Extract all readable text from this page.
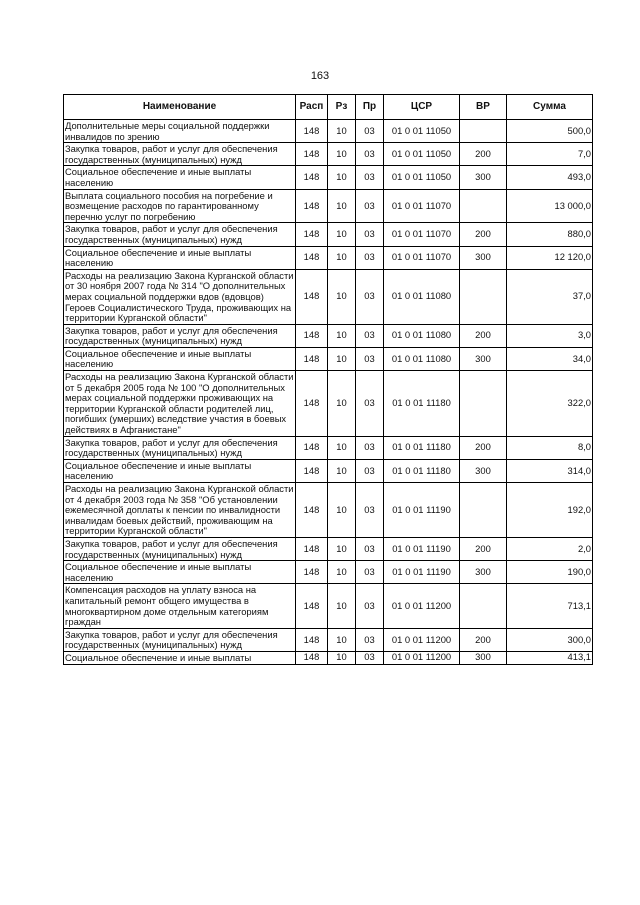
163
Наименование	Расп	Рз	Пр	ЦСР	ВР	Сумма
Дополнительные меры социальной поддержки инвалидов по зрению	148	10	03	01 0 01 11050		500,0
Закупка товаров, работ и услуг для обеспечения государственных (муниципальных) нужд	148	10	03	01 0 01 11050	200	7,0
Социальное обеспечение и иные выплаты населению	148	10	03	01 0 01 11050	300	493,0
Выплата социального пособия на погребение и возмещение расходов по гарантированному перечню услуг по погребению	148	10	03	01 0 01 11070		13 000,0
Закупка товаров, работ и услуг для обеспечения государственных (муниципальных) нужд	148	10	03	01 0 01 11070	200	880,0
Социальное обеспечение и иные выплаты населению	148	10	03	01 0 01 11070	300	12 120,0
Расходы на реализацию Закона Курганской области от 30 ноября 2007 года № 314 "О дополнительных мерах социальной поддержки вдов (вдовцов) Героев Социалистического Труда, проживающих на территории Курганской области"	148	10	03	01 0 01 11080		37,0
Закупка товаров, работ и услуг для обеспечения государственных (муниципальных) нужд	148	10	03	01 0 01 11080	200	3,0
Социальное обеспечение и иные выплаты населению	148	10	03	01 0 01 11080	300	34,0
Расходы на реализацию Закона Курганской области от 5 декабря 2005 года № 100 "О дополнительных мерах социальной поддержки проживающих на территории Курганской области родителей лиц, погибших (умерших) вследствие участия в боевых действиях в Афганистане"	148	10	03	01 0 01 11180		322,0
Закупка товаров, работ и услуг для обеспечения государственных (муниципальных) нужд	148	10	03	01 0 01 11180	200	8,0
Социальное обеспечение и иные выплаты населению	148	10	03	01 0 01 11180	300	314,0
Расходы на реализацию Закона Курганской области от 4 декабря 2003 года № 358 "Об установлении ежемесячной доплаты к пенсии по инвалидности инвалидам боевых действий, проживающим на территории Курганской области"	148	10	03	01 0 01 11190		192,0
Закупка товаров, работ и услуг для обеспечения государственных (муниципальных) нужд	148	10	03	01 0 01 11190	200	2,0
Социальное обеспечение и иные выплаты населению	148	10	03	01 0 01 11190	300	190,0
Компенсация расходов на уплату взноса на капитальный ремонт общего имущества в многоквартирном доме отдельным категориям граждан	148	10	03	01 0 01 11200		713,1
Закупка товаров, работ и услуг для обеспечения государственных (муниципальных) нужд	148	10	03	01 0 01 11200	200	300,0
Социальное обеспечение и иные выплаты	148	10	03	01 0 01 11200	300	413,1
